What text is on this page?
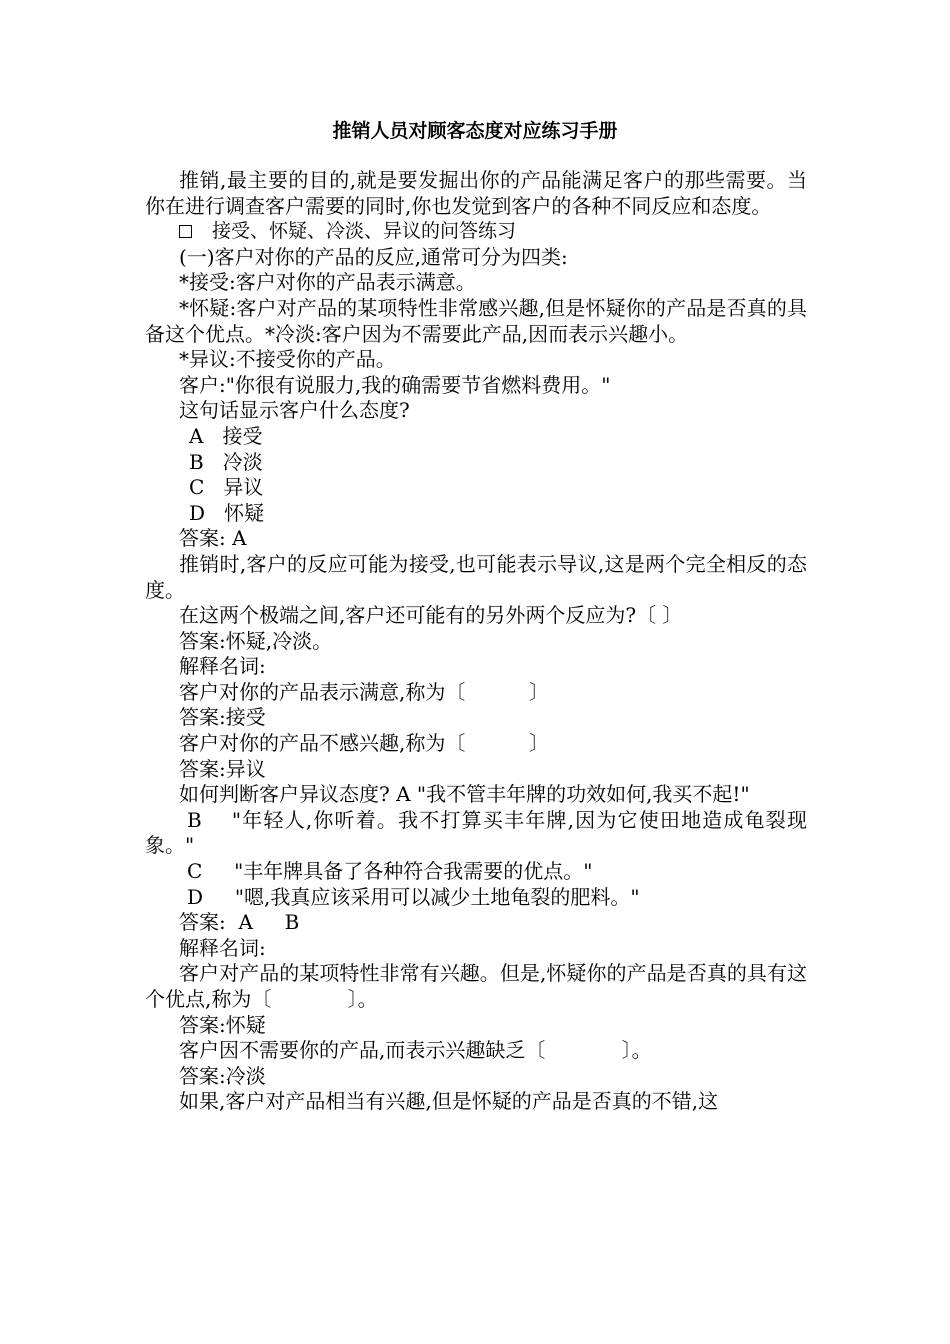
推销人员对顾客态度对应练习手册

推销,最主要的目的,就是要发掘出你的产品能满足客户的那些需要。当你在进行调查客户需要的同时,你也发觉到客户的各种不同反应和态度。

接受、怀疑、冷淡、异议的问答练习

(一)客户对你的产品的反应,通常可分为四类:

*接受:客户对你的产品表示满意。

*怀疑:客户对产品的某项特性非常感兴趣,但是怀疑你的产品是否真的具备这个优点。*冷淡:客户因为不需要此产品,因而表示兴趣小。

*异议:不接受你的产品。

客户:"你很有说服力,我的确需要节省燃料费用。"

这句话显示客户什么态度?

A   接受

B   冷淡

C   异议

D   怀疑

答案: A

推销时,客户的反应可能为接受,也可能表示导议,这是两个完全相反的态度。

在这两个极端之间,客户还可能有的另外两个反应为?〔 〕

答案:怀疑,冷淡。

解释名词:

客户对你的产品表示满意,称为〔          〕

答案:接受

客户对你的产品不感兴趣,称为〔          〕

答案:异议

如何判断客户异议态度? A "我不管丰年牌的功效如何,我买不起!"

B    "年轻人,你听着。我不打算买丰年牌,因为它使田地造成龟裂现象。"

C     "丰年牌具备了各种符合我需要的优点。"

D     "嗯,我真应该采用可以减少土地龟裂的肥料。"

答案:  A     B

解释名词:

客户对产品的某项特性非常有兴趣。但是,怀疑你的产品是否真的具有这个优点,称为〔            〕。

答案:怀疑

客户因不需要你的产品,而表示兴趣缺乏〔            〕。

答案:冷淡

如果,客户对产品相当有兴趣,但是怀疑的产品是否真的不错,这
